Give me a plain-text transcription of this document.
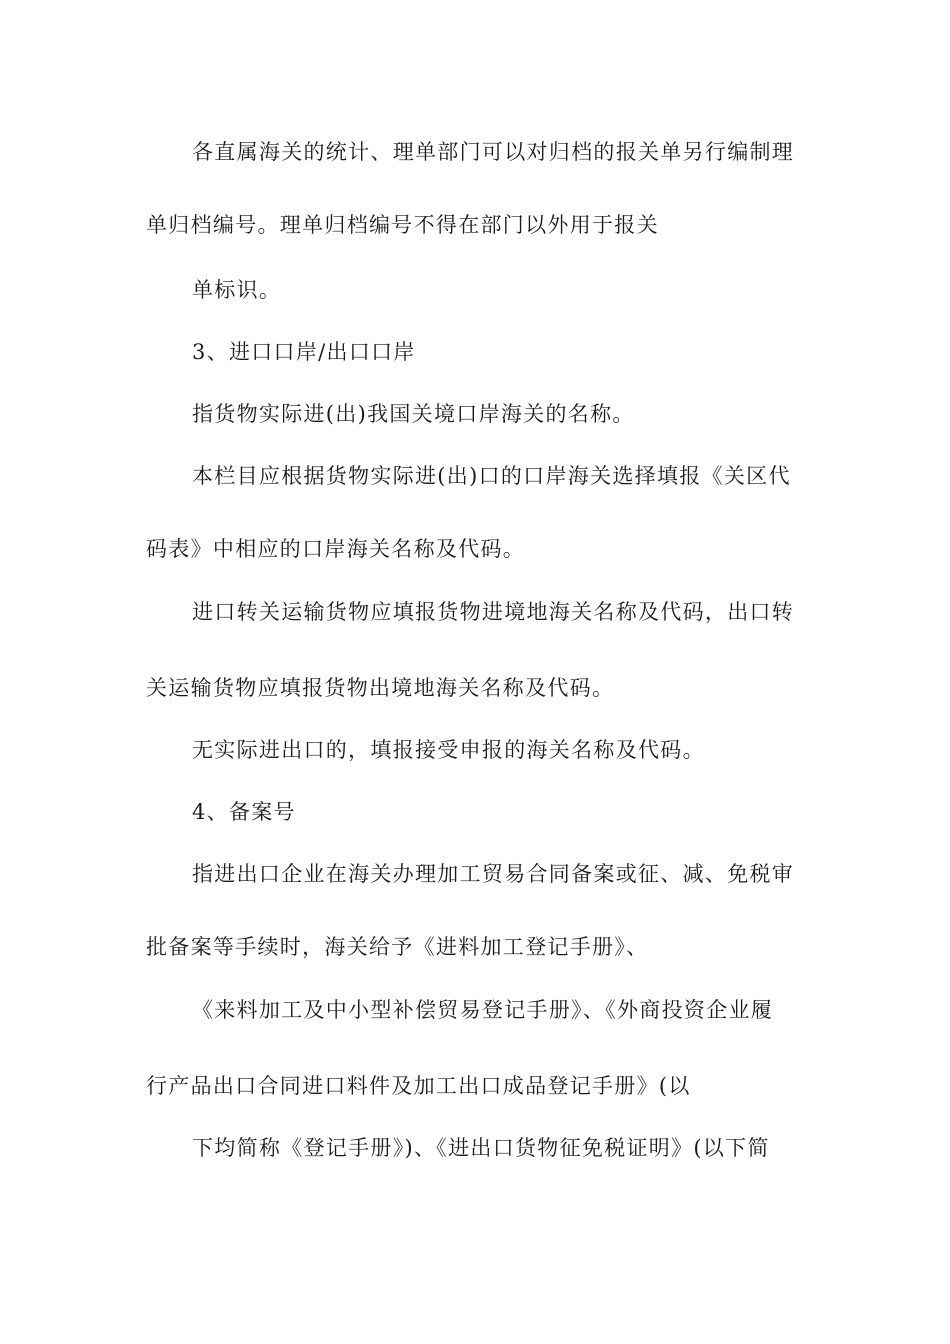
各直属海关的统计、理单部门可以对归档的报关单另行编制理
单归档编号。理单归档编号不得在部门以外用于报关
单标识。
3、进口口岸/出口口岸
指货物实际进(出)我国关境口岸海关的名称。
本栏目应根据货物实际进(出)口的口岸海关选择填报《关区代
码表》中相应的口岸海关名称及代码。
进口转关运输货物应填报货物进境地海关名称及代码，出口转
关运输货物应填报货物出境地海关名称及代码。
无实际进出口的，填报接受申报的海关名称及代码。
4、备案号
指进出口企业在海关办理加工贸易合同备案或征、减、免税审
批备案等手续时，海关给予《进料加工登记手册》、
《来料加工及中小型补偿贸易登记手册》、《外商投资企业履
行产品出口合同进口料件及加工出口成品登记手册》(以
下均简称《登记手册》)、《进出口货物征免税证明》(以下简
